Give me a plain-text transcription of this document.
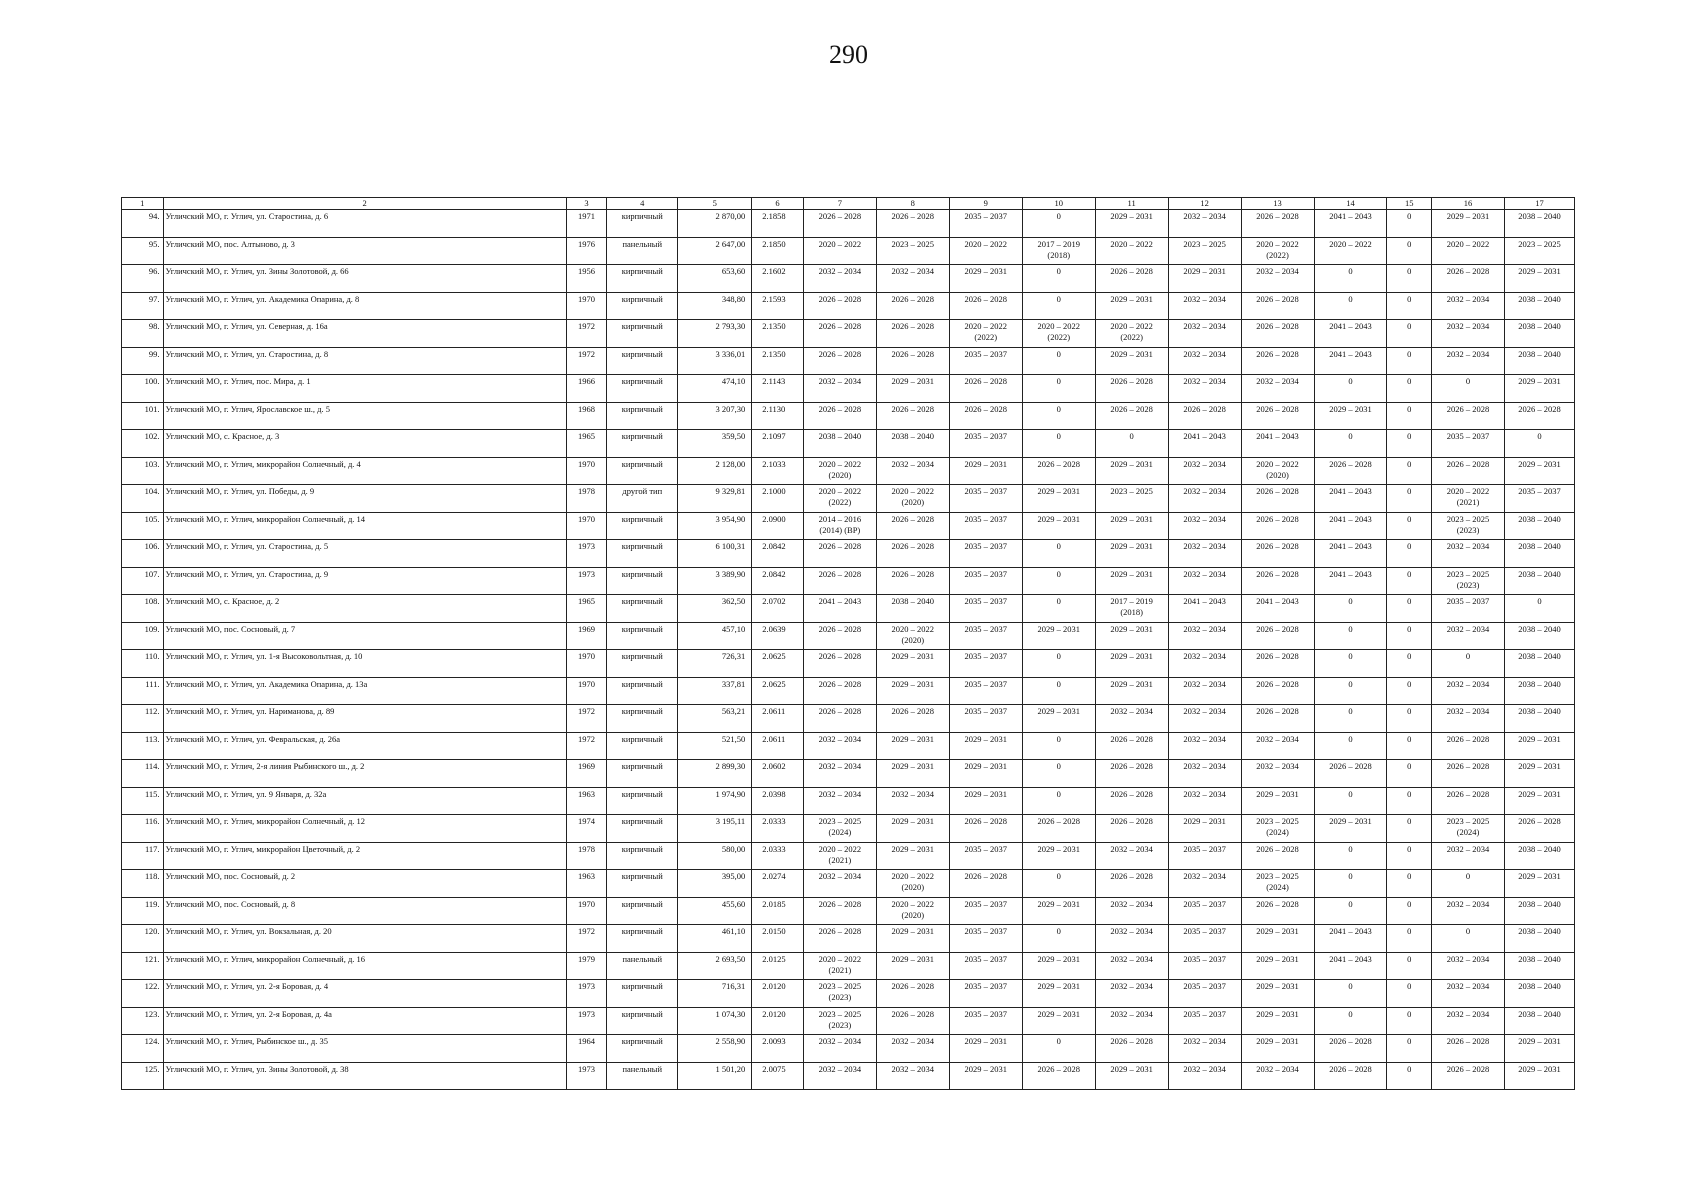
290
1	2	3	4	5	6	7	8	9	10	11	12	13	14	15	16	17
94.	Угличский МО, г. Углич, ул. Старостина, д. 6	1971	кирпичный	2 870,00	2.1858	2026 – 2028	2026 – 2028	2035 – 2037	0	2029 – 2031	2032 – 2034	2026 – 2028	2041 – 2043	0	2029 – 2031	2038 – 2040
95.	Угличский МО, пос. Алтыново, д. 3	1976	панельный	2 647,00	2.1850	2020 – 2022	2023 – 2025	2020 – 2022	2017 – 2019
(2018)	2020 – 2022	2023 – 2025	2020 – 2022
(2022)	2020 – 2022	0	2020 – 2022	2023 – 2025
96.	Угличский МО, г. Углич, ул. Зины Золотовой, д. 66	1956	кирпичный	653,60	2.1602	2032 – 2034	2032 – 2034	2029 – 2031	0	2026 – 2028	2029 – 2031	2032 – 2034	0	0	2026 – 2028	2029 – 2031
97.	Угличский МО, г. Углич, ул. Академика Опарина, д. 8	1970	кирпичный	348,80	2.1593	2026 – 2028	2026 – 2028	2026 – 2028	0	2029 – 2031	2032 – 2034	2026 – 2028	0	0	2032 – 2034	2038 – 2040
98.	Угличский МО, г. Углич, ул. Северная, д. 16а	1972	кирпичный	2 793,30	2.1350	2026 – 2028	2026 – 2028	2020 – 2022
(2022)	2020 – 2022
(2022)	2020 – 2022
(2022)	2032 – 2034	2026 – 2028	2041 – 2043	0	2032 – 2034	2038 – 2040
99.	Угличский МО, г. Углич, ул. Старостина, д. 8	1972	кирпичный	3 336,01	2.1350	2026 – 2028	2026 – 2028	2035 – 2037	0	2029 – 2031	2032 – 2034	2026 – 2028	2041 – 2043	0	2032 – 2034	2038 – 2040
100.	Угличский МО, г. Углич, пос. Мира, д. 1	1966	кирпичный	474,10	2.1143	2032 – 2034	2029 – 2031	2026 – 2028	0	2026 – 2028	2032 – 2034	2032 – 2034	0	0	0	2029 – 2031
101.	Угличский МО, г. Углич, Ярославское ш., д. 5	1968	кирпичный	3 207,30	2.1130	2026 – 2028	2026 – 2028	2026 – 2028	0	2026 – 2028	2026 – 2028	2026 – 2028	2029 – 2031	0	2026 – 2028	2026 – 2028
102.	Угличский МО, с. Красное, д. 3	1965	кирпичный	359,50	2.1097	2038 – 2040	2038 – 2040	2035 – 2037	0	0	2041 – 2043	2041 – 2043	0	0	2035 – 2037	0
103.	Угличский МО, г. Углич, микрорайон Солнечный, д. 4	1970	кирпичный	2 128,00	2.1033	2020 – 2022
(2020)	2032 – 2034	2029 – 2031	2026 – 2028	2029 – 2031	2032 – 2034	2020 – 2022
(2020)	2026 – 2028	0	2026 – 2028	2029 – 2031
104.	Угличский МО, г. Углич, ул. Победы, д. 9	1978	другой тип	9 329,81	2.1000	2020 – 2022
(2022)	2020 – 2022
(2020)	2035 – 2037	2029 – 2031	2023 – 2025	2032 – 2034	2026 – 2028	2041 – 2043	0	2020 – 2022
(2021)	2035 – 2037
105.	Угличский МО, г. Углич, микрорайон Солнечный, д. 14	1970	кирпичный	3 954,90	2.0900	2014 – 2016
(2014) (ВР)	2026 – 2028	2035 – 2037	2029 – 2031	2029 – 2031	2032 – 2034	2026 – 2028	2041 – 2043	0	2023 – 2025
(2023)	2038 – 2040
106.	Угличский МО, г. Углич, ул. Старостина, д. 5	1973	кирпичный	6 100,31	2.0842	2026 – 2028	2026 – 2028	2035 – 2037	0	2029 – 2031	2032 – 2034	2026 – 2028	2041 – 2043	0	2032 – 2034	2038 – 2040
107.	Угличский МО, г. Углич, ул. Старостина, д. 9	1973	кирпичный	3 389,90	2.0842	2026 – 2028	2026 – 2028	2035 – 2037	0	2029 – 2031	2032 – 2034	2026 – 2028	2041 – 2043	0	2023 – 2025
(2023)	2038 – 2040
108.	Угличский МО, с. Красное, д. 2	1965	кирпичный	362,50	2.0702	2041 – 2043	2038 – 2040	2035 – 2037	0	2017 – 2019
(2018)	2041 – 2043	2041 – 2043	0	0	2035 – 2037	0
109.	Угличский МО, пос. Сосновый, д. 7	1969	кирпичный	457,10	2.0639	2026 – 2028	2020 – 2022
(2020)	2035 – 2037	2029 – 2031	2029 – 2031	2032 – 2034	2026 – 2028	0	0	2032 – 2034	2038 – 2040
110.	Угличский МО, г. Углич, ул. 1-я Высоковольтная, д. 10	1970	кирпичный	726,31	2.0625	2026 – 2028	2029 – 2031	2035 – 2037	0	2029 – 2031	2032 – 2034	2026 – 2028	0	0	0	2038 – 2040
111.	Угличский МО, г. Углич, ул. Академика Опарина, д. 13а	1970	кирпичный	337,81	2.0625	2026 – 2028	2029 – 2031	2035 – 2037	0	2029 – 2031	2032 – 2034	2026 – 2028	0	0	2032 – 2034	2038 – 2040
112.	Угличский МО, г. Углич, ул. Нариманова, д. 89	1972	кирпичный	563,21	2.0611	2026 – 2028	2026 – 2028	2035 – 2037	2029 – 2031	2032 – 2034	2032 – 2034	2026 – 2028	0	0	2032 – 2034	2038 – 2040
113.	Угличский МО, г. Углич, ул. Февральская, д. 26а	1972	кирпичный	521,50	2.0611	2032 – 2034	2029 – 2031	2029 – 2031	0	2026 – 2028	2032 – 2034	2032 – 2034	0	0	2026 – 2028	2029 – 2031
114.	Угличский МО, г. Углич, 2-я линия Рыбинского ш., д. 2	1969	кирпичный	2 899,30	2.0602	2032 – 2034	2029 – 2031	2029 – 2031	0	2026 – 2028	2032 – 2034	2032 – 2034	2026 – 2028	0	2026 – 2028	2029 – 2031
115.	Угличский МО, г. Углич, ул. 9 Января, д. 32а	1963	кирпичный	1 974,90	2.0398	2032 – 2034	2032 – 2034	2029 – 2031	0	2026 – 2028	2032 – 2034	2029 – 2031	0	0	2026 – 2028	2029 – 2031
116.	Угличский МО, г. Углич, микрорайон Солнечный, д. 12	1974	кирпичный	3 195,11	2.0333	2023 – 2025
(2024)	2029 – 2031	2026 – 2028	2026 – 2028	2026 – 2028	2029 – 2031	2023 – 2025
(2024)	2029 – 2031	0	2023 – 2025
(2024)	2026 – 2028
117.	Угличский МО, г. Углич, микрорайон Цветочный, д. 2	1978	кирпичный	580,00	2.0333	2020 – 2022
(2021)	2029 – 2031	2035 – 2037	2029 – 2031	2032 – 2034	2035 – 2037	2026 – 2028	0	0	2032 – 2034	2038 – 2040
118.	Угличский МО, пос. Сосновый, д. 2	1963	кирпичный	395,00	2.0274	2032 – 2034	2020 – 2022
(2020)	2026 – 2028	0	2026 – 2028	2032 – 2034	2023 – 2025
(2024)	0	0	0	2029 – 2031
119.	Угличский МО, пос. Сосновый, д. 8	1970	кирпичный	455,60	2.0185	2026 – 2028	2020 – 2022
(2020)	2035 – 2037	2029 – 2031	2032 – 2034	2035 – 2037	2026 – 2028	0	0	2032 – 2034	2038 – 2040
120.	Угличский МО, г. Углич, ул. Вокзальная, д. 20	1972	кирпичный	461,10	2.0150	2026 – 2028	2029 – 2031	2035 – 2037	0	2032 – 2034	2035 – 2037	2029 – 2031	2041 – 2043	0	0	2038 – 2040
121.	Угличский МО, г. Углич, микрорайон Солнечный, д. 16	1979	панельный	2 693,50	2.0125	2020 – 2022
(2021)	2029 – 2031	2035 – 2037	2029 – 2031	2032 – 2034	2035 – 2037	2029 – 2031	2041 – 2043	0	2032 – 2034	2038 – 2040
122.	Угличский МО, г. Углич, ул. 2-я Боровая, д. 4	1973	кирпичный	716,31	2.0120	2023 – 2025
(2023)	2026 – 2028	2035 – 2037	2029 – 2031	2032 – 2034	2035 – 2037	2029 – 2031	0	0	2032 – 2034	2038 – 2040
123.	Угличский МО, г. Углич, ул. 2-я Боровая, д. 4а	1973	кирпичный	1 074,30	2.0120	2023 – 2025
(2023)	2026 – 2028	2035 – 2037	2029 – 2031	2032 – 2034	2035 – 2037	2029 – 2031	0	0	2032 – 2034	2038 – 2040
124.	Угличский МО, г. Углич, Рыбинское ш., д. 35	1964	кирпичный	2 558,90	2.0093	2032 – 2034	2032 – 2034	2029 – 2031	0	2026 – 2028	2032 – 2034	2029 – 2031	2026 – 2028	0	2026 – 2028	2029 – 2031
125.	Угличский МО, г. Углич, ул. Зины Золотовой, д. 38	1973	панельный	1 501,20	2.0075	2032 – 2034	2032 – 2034	2029 – 2031	2026 – 2028	2029 – 2031	2032 – 2034	2032 – 2034	2026 – 2028	0	2026 – 2028	2029 – 2031
